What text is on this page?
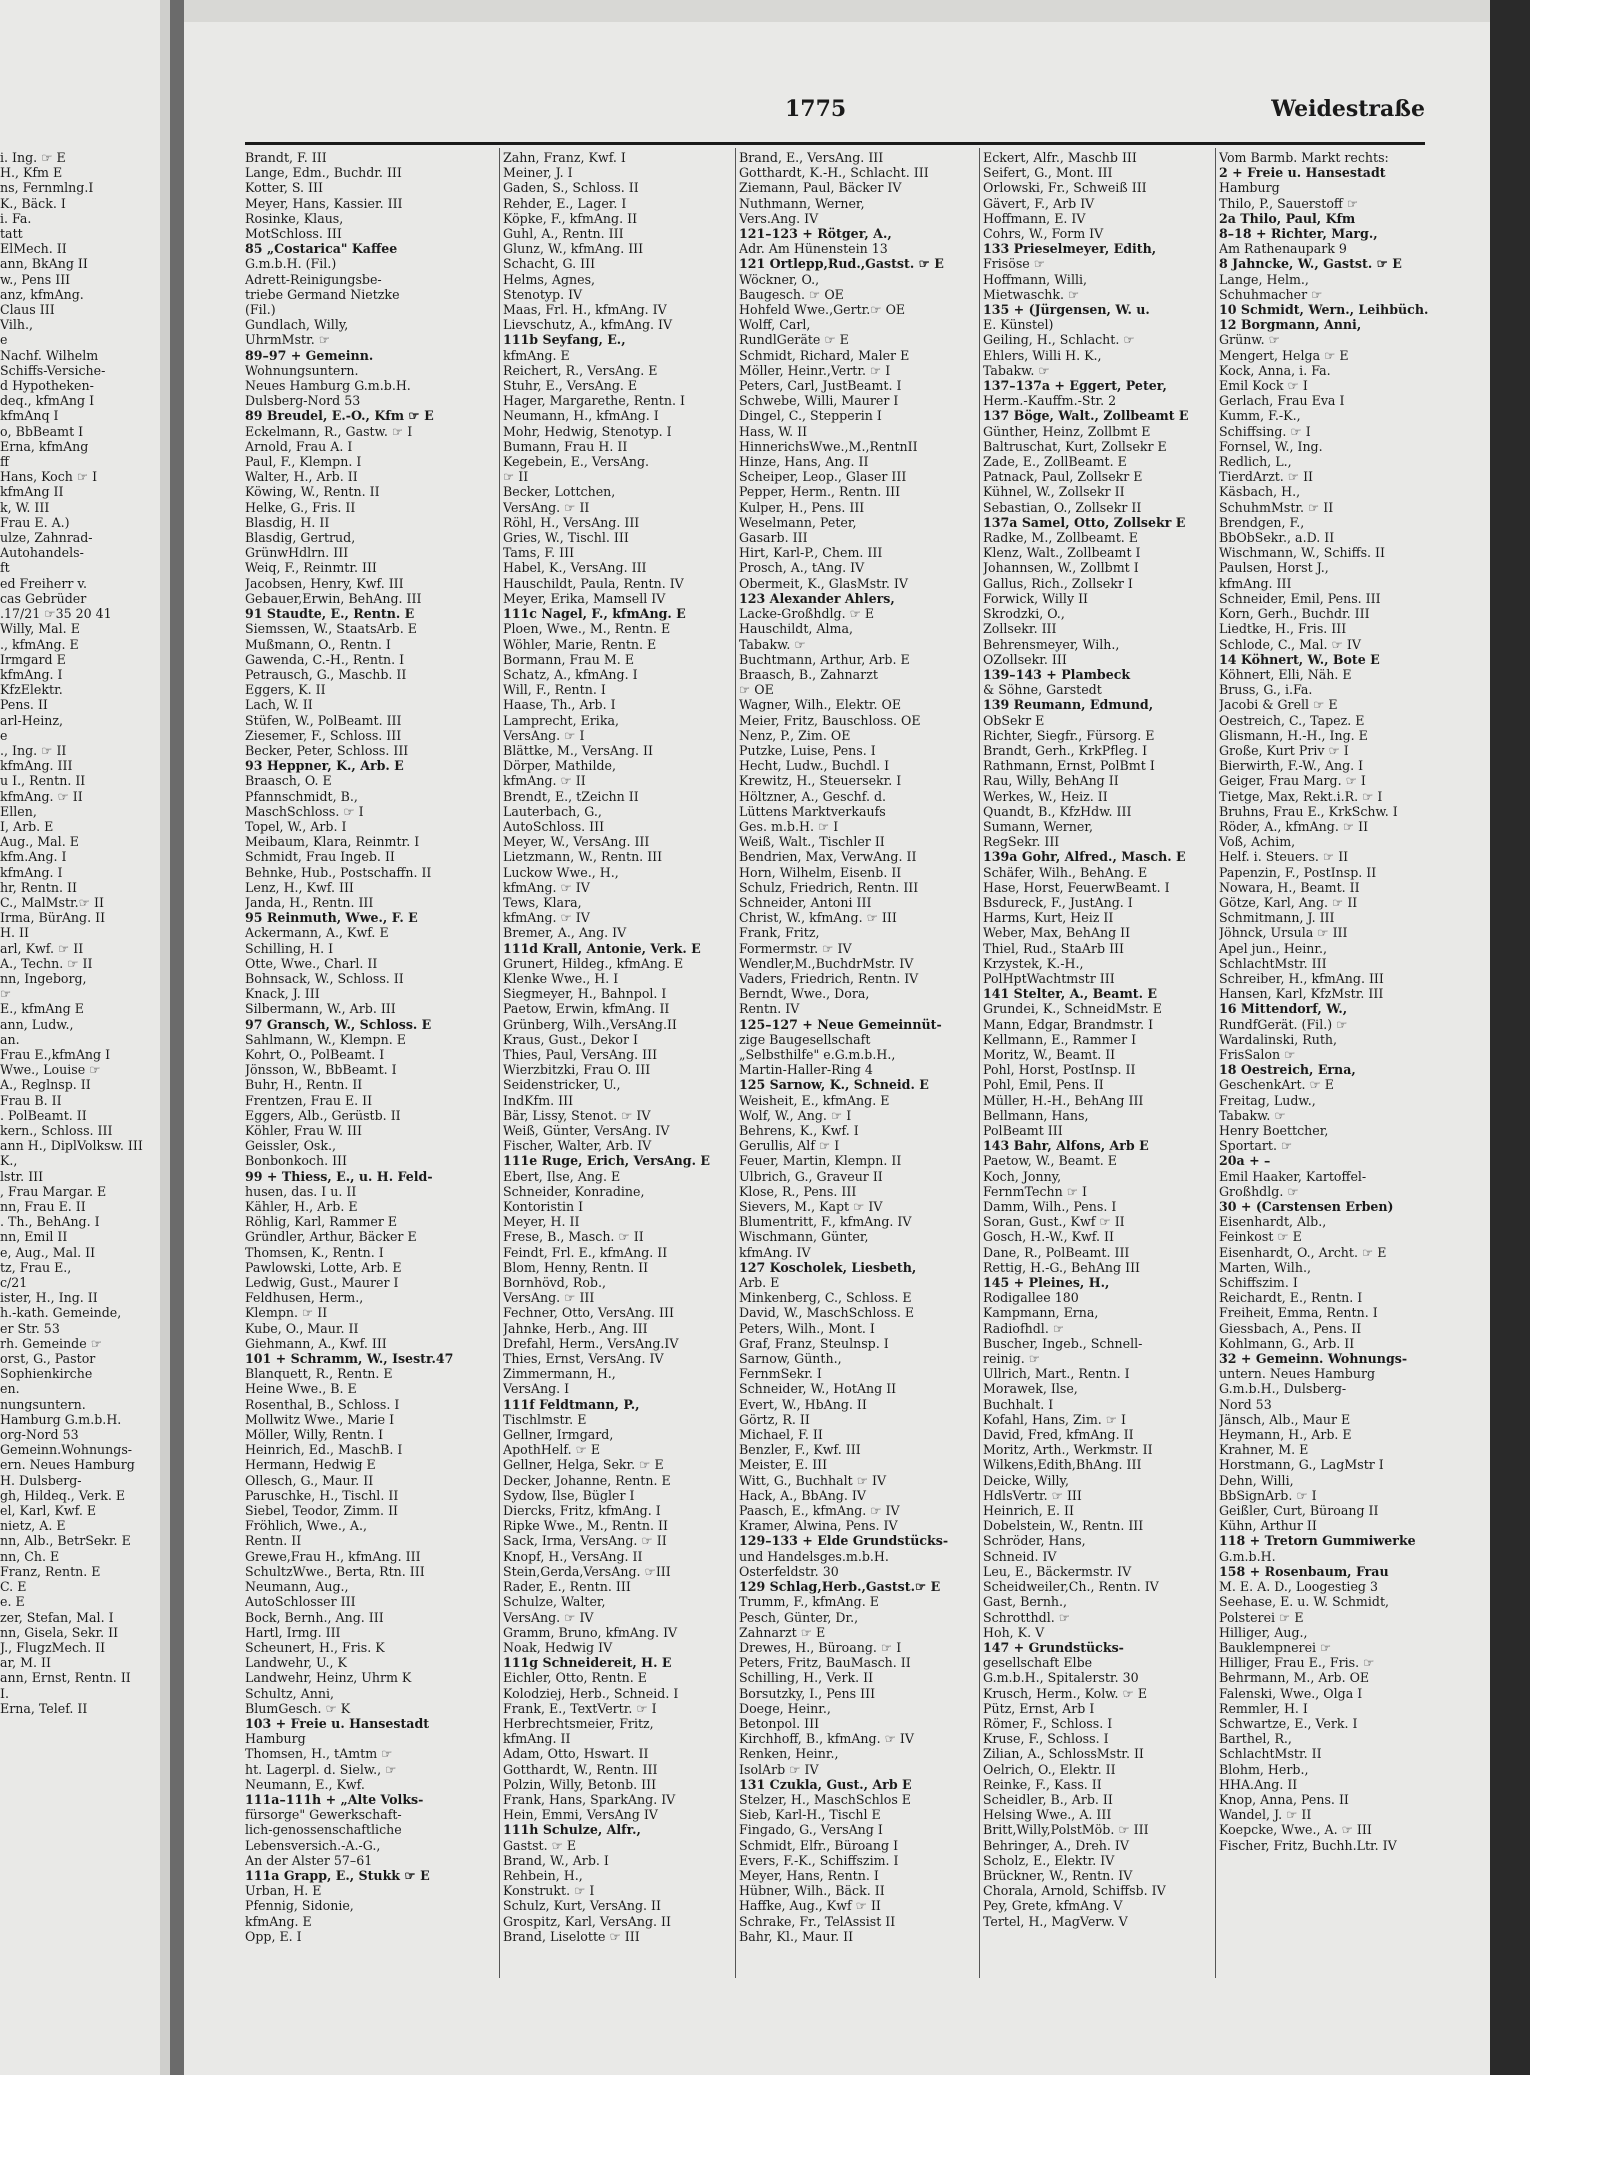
i. Ing. ☞ E
H., Kfm E
ns, Fernmlng.I
K., Bäck. I
i. Fa.
tatt
ElMech. II
ann, BkAng II
w., Pens III
anz, kfmAng.
Claus III
Vilh.,
e
Nachf. Wilhelm
Schiffs-Versiche-
d Hypotheken-
deq., kfmAng I
kfmAnq I
o, BbBeamt I
Erna, kfmAng
ff
Hans, Koch ☞ I
kfmAng II
k, W. III
Frau E. A.)
ulze, Zahnrad-
Autohandels-
ft
ed Freiherr v.
cas Gebrüder
.17/21 ☞35 20 41
Willy, Mal. E
., kfmAng. E
Irmgard E
kfmAng. I
KfzElektr.
Pens. II
arl-Heinz,
e
., Ing. ☞ II
kfmAng. III
u I., Rentn. II
kfmAng. ☞ II
Ellen,
I, Arb. E
Aug., Mal. E
kfm.Ang. I
kfmAng. I
hr, Rentn. II
C., MalMstr.☞ II
Irma, BürAng. II
H. II
arl, Kwf. ☞ II
A., Techn. ☞ II
nn, Ingeborg,
☞
E., kfmAng E
ann, Ludw.,
an.
Frau E.,kfmAng I
Wwe., Louise ☞
A., Reglnsp. II
Frau B. II
. PolBeamt. II
kern., Schloss. III
ann H., DiplVolksw. III
K.,
lstr. III
, Frau Margar. E
nn, Frau E. II
. Th., BehAng. I
nn, Emil II
e, Aug., Mal. II
tz, Frau E.,
c/21
ister, H., Ing. II
h.-kath. Gemeinde,
er Str. 53
rh. Gemeinde ☞
orst, G., Pastor
Sophienkirche
en.
nungsuntern.
Hamburg G.m.b.H.
org-Nord 53
Gemeinn.Wohnungs-
ern. Neues Hamburg
H. Dulsberg-
gh, Hildeq., Verk. E
el, Karl, Kwf. E
nietz, A. E
nn, Alb., BetrSekr. E
nn, Ch. E
Franz, Rentn. E
C. E
e. E
zer, Stefan, Mal. I
nn, Gisela, Sekr. II
J., FlugzMech. II
ar, M. II
ann, Ernst, Rentn. II
I.
Erna, Telef. II
1775	Weidestraße
Brandt, F. III
Lange, Edm., Buchdr. III
Kotter, S. III
Meyer, Hans, Kassier. III
Rosinke, Klaus,
MotSchloss. III
85 „Costarica" Kaffee
G.m.b.H. (Fil.)
Adrett-Reinigungsbe-
triebe Germand Nietzke
(Fil.)
Gundlach, Willy,
UhrmMstr. ☞
89–97 + Gemeinn.
Wohnungsuntern.
Neues Hamburg G.m.b.H.
Dulsberg-Nord 53
89 Breudel, E.-O., Kfm ☞ E
Eckelmann, R., Gastw. ☞ I
Arnold, Frau A. I
Paul, F., Klempn. I
Walter, H., Arb. II
Köwing, W., Rentn. II
Helke, G., Fris. II
Blasdig, H. II
Blasdig, Gertrud,
GrünwHdlrn. III
Weiq, F., Reinmtr. III
Jacobsen, Henry, Kwf. III
Gebauer,Erwin, BehAng. III
91 Staudte, E., Rentn. E
Siemssen, W., StaatsArb. E
Mußmann, O., Rentn. I
Gawenda, C.-H., Rentn. I
Petrausch, G., Maschb. II
Eggers, K. II
Lach, W. II
Stüfen, W., PolBeamt. III
Ziesemer, F., Schloss. III
Becker, Peter, Schloss. III
93 Heppner, K., Arb. E
Braasch, O. E
Pfannschmidt, B.,
MaschSchloss. ☞ I
Topel, W., Arb. I
Meibaum, Klara, Reinmtr. I
Schmidt, Frau Ingeb. II
Behnke, Hub., Postschaffn. II
Lenz, H., Kwf. III
Janda, H., Rentn. III
95 Reinmuth, Wwe., F. E
Ackermann, A., Kwf. E
Schilling, H. I
Otte, Wwe., Charl. II
Bohnsack, W., Schloss. II
Knack, J. III
Silbermann, W., Arb. III
97 Gransch, W., Schloss. E
Sahlmann, W., Klempn. E
Kohrt, O., PolBeamt. I
Jönsson, W., BbBeamt. I
Buhr, H., Rentn. II
Frentzen, Frau E. II
Eggers, Alb., Gerüstb. II
Köhler, Frau W. III
Geissler, Osk.,
Bonbonkoch. III
99 + Thiess, E., u. H. Feld-
husen, das. I u. II
Kähler, H., Arb. E
Röhlig, Karl, Rammer E
Gründler, Arthur, Bäcker E
Thomsen, K., Rentn. I
Pawlowski, Lotte, Arb. E
Ledwig, Gust., Maurer I
Feldhusen, Herm.,
Klempn. ☞ II
Kube, O., Maur. II
Giehmann, A., Kwf. III
101 + Schramm, W., Isestr.47
Blanquett, R., Rentn. E
Heine Wwe., B. E
Rosenthal, B., Schloss. I
Mollwitz Wwe., Marie I
Möller, Willy, Rentn. I
Heinrich, Ed., MaschB. I
Hermann, Hedwig E
Ollesch, G., Maur. II
Paruschke, H., Tischl. II
Siebel, Teodor, Zimm. II
Fröhlich, Wwe., A.,
Rentn. II
Grewe,Frau H., kfmAng. III
SchultzWwe., Berta, Rtn. III
Neumann, Aug.,
AutoSchlosser III
Bock, Bernh., Ang. III
Hartl, Irmg. III
Scheunert, H., Fris. K
Landwehr, U., K
Landwehr, Heinz, Uhrm K
Schultz, Anni,
BlumGesch. ☞ K
103 + Freie u. Hansestadt
Hamburg
Thomsen, H., tAmtm ☞
ht. Lagerpl. d. Sielw., ☞
Neumann, E., Kwf.
111a–111h + „Alte Volks-
fürsorge" Gewerkschaft-
lich-genossenschaftliche
Lebensversich.-A.-G.,
An der Alster 57–61
111a Grapp, E., Stukk ☞ E
Urban, H. E
Pfennig, Sidonie,
kfmAng. E
Opp, E. I
Zahn, Franz, Kwf. I
Meiner, J. I
Gaden, S., Schloss. II
Rehder, E., Lager. I
Köpke, F., kfmAng. II
Guhl, A., Rentn. III
Glunz, W., kfmAng. III
Schacht, G. III
Helms, Agnes,
Stenotyp. IV
Maas, Frl. H., kfmAng. IV
Lievschutz, A., kfmAng. IV
111b Seyfang, E.,
kfmAng. E
Reichert, R., VersAng. E
Stuhr, E., VersAng. E
Hager, Margarethe, Rentn. I
Neumann, H., kfmAng. I
Mohr, Hedwig, Stenotyp. I
Bumann, Frau H. II
Kegebein, E., VersAng.
☞ II
Becker, Lottchen,
VersAng. ☞ II
Röhl, H., VersAng. III
Gries, W., Tischl. III
Tams, F. III
Habel, K., VersAng. III
Hauschildt, Paula, Rentn. IV
Meyer, Erika, Mamsell IV
111c Nagel, F., kfmAng. E
Ploen, Wwe., M., Rentn. E
Wöhler, Marie, Rentn. E
Bormann, Frau M. E
Schatz, A., kfmAng. I
Will, F., Rentn. I
Haase, Th., Arb. I
Lamprecht, Erika,
VersAng. ☞ I
Blättke, M., VersAng. II
Dörper, Mathilde,
kfmAng. ☞ II
Brendt, E., tZeichn II
Lauterbach, G.,
AutoSchloss. III
Meyer, W., VersAng. III
Lietzmann, W., Rentn. III
Luckow Wwe., H.,
kfmAng. ☞ IV
Tews, Klara,
kfmAng. ☞ IV
Bremer, A., Ang. IV
111d Krall, Antonie, Verk. E
Grunert, Hildeg., kfmAng. E
Klenke Wwe., H. I
Siegmeyer, H., Bahnpol. I
Paetow, Erwin, kfmAng. II
Grünberg, Wilh.,VersAng.II
Kraus, Gust., Dekor I
Thies, Paul, VersAng. III
Wierzbitzki, Frau O. III
Seidenstricker, U.,
IndKfm. III
Bär, Lissy, Stenot. ☞ IV
Weiß, Günter, VersAng. IV
Fischer, Walter, Arb. IV
111e Ruge, Erich, VersAng. E
Ebert, Ilse, Ang. E
Schneider, Konradine,
Kontoristin I
Meyer, H. II
Frese, B., Masch. ☞ II
Feindt, Frl. E., kfmAng. II
Blom, Henny, Rentn. II
Bornhövd, Rob.,
VersAng. ☞ III
Fechner, Otto, VersAng. III
Jahnke, Herb., Ang. III
Drefahl, Herm., VersAng.IV
Thies, Ernst, VersAng. IV
Zimmermann, H.,
VersAng. I
111f Feldtmann, P.,
Tischlmstr. E
Gellner, Irmgard,
ApothHelf. ☞ E
Gellner, Helga, Sekr. ☞ E
Decker, Johanne, Rentn. E
Sydow, Ilse, Bügler I
Diercks, Fritz, kfmAng. I
Ripke Wwe., M., Rentn. II
Sack, Irma, VersAng. ☞ II
Knopf, H., VersAng. II
Stein,Gerda,VersAng. ☞III
Rader, E., Rentn. III
Schulze, Walter,
VersAng. ☞ IV
Gramm, Bruno, kfmAng. IV
Noak, Hedwig IV
111g Schneidereit, H. E
Eichler, Otto, Rentn. E
Kolodziej, Herb., Schneid. I
Frank, E., TextVertr. ☞ I
Herbrechtsmeier, Fritz,
kfmAng. II
Adam, Otto, Hswart. II
Gotthardt, W., Rentn. III
Polzin, Willy, Betonb. III
Frank, Hans, SparkAng. IV
Hein, Emmi, VersAng IV
111h Schulze, Alfr.,
Gastst. ☞ E
Brand, W., Arb. I
Rehbein, H.,
Konstrukt. ☞ I
Schulz, Kurt, VersAng. II
Grospitz, Karl, VersAng. II
Brand, Liselotte ☞ III
Brand, E., VersAng. III
Gotthardt, K.-H., Schlacht. III
Ziemann, Paul, Bäcker IV
Nuthmann, Werner,
Vers.Ang. IV
121–123 + Rötger, A.,
Adr. Am Hünenstein 13
121 Ortlepp,Rud.,Gastst. ☞ E
Wöckner, O.,
Baugesch. ☞ OE
Hohfeld Wwe.,Gertr.☞ OE
Wolff, Carl,
RundlGeräte ☞ E
Schmidt, Richard, Maler E
Möller, Heinr.,Vertr. ☞ I
Peters, Carl, JustBeamt. I
Schwebe, Willi, Maurer I
Dingel, C., Stepperin I
Hass, W. II
HinnerichsWwe.,M.,RentnII
Hinze, Hans, Ang. II
Scheiper, Leop., Glaser III
Pepper, Herm., Rentn. III
Kulper, H., Pens. III
Weselmann, Peter,
Gasarb. III
Hirt, Karl-P., Chem. III
Prosch, A., tAng. IV
Obermeit, K., GlasMstr. IV
123 Alexander Ahlers,
Lacke-Großhdlg. ☞ E
Hauschildt, Alma,
Tabakw. ☞
Buchtmann, Arthur, Arb. E
Braasch, B., Zahnarzt
☞ OE
Wagner, Wilh., Elektr. OE
Meier, Fritz, Bauschloss. OE
Nenz, P., Zim. OE
Putzke, Luise, Pens. I
Hecht, Ludw., Buchdl. I
Krewitz, H., Steuersekr. I
Höltzner, A., Geschf. d.
Lüttens Marktverkaufs
Ges. m.b.H. ☞ I
Weiß, Walt., Tischler II
Bendrien, Max, VerwAng. II
Horn, Wilhelm, Eisenb. II
Schulz, Friedrich, Rentn. III
Schneider, Antoni III
Christ, W., kfmAng. ☞ III
Frank, Fritz,
Formermstr. ☞ IV
Wendler,M.,BuchdrMstr. IV
Vaders, Friedrich, Rentn. IV
Berndt, Wwe., Dora,
Rentn. IV
125–127 + Neue Gemeinnüt-
zige Baugesellschaft
„Selbsthilfe" e.G.m.b.H.,
Martin-Haller-Ring 4
125 Sarnow, K., Schneid. E
Weisheit, E., kfmAng. E
Wolf, W., Ang. ☞ I
Behrens, K., Kwf. I
Gerullis, Alf ☞ I
Feuer, Martin, Klempn. II
Ulbrich, G., Graveur II
Klose, R., Pens. III
Sievers, M., Kapt ☞ IV
Blumentritt, F., kfmAng. IV
Wischmann, Günter,
kfmAng. IV
127 Koscholek, Liesbeth,
Arb. E
Minkenberg, C., Schloss. E
David, W., MaschSchloss. E
Peters, Wilh., Mont. I
Graf, Franz, Steulnsp. I
Sarnow, Günth.,
FernmSekr. I
Schneider, W., HotAng II
Evert, W., HbAng. II
Görtz, R. II
Michael, F. II
Benzler, F., Kwf. III
Meister, E. III
Witt, G., Buchhalt ☞ IV
Hack, A., BbAng. IV
Paasch, E., kfmAng. ☞ IV
Kramer, Alwina, Pens. IV
129–133 + Elde Grundstücks-
und Handelsges.m.b.H.
Osterfeldstr. 30
129 Schlag,Herb.,Gastst.☞ E
Trumm, F., kfmAng. E
Pesch, Günter, Dr.,
Zahnarzt ☞ E
Drewes, H., Büroang. ☞ I
Peters, Fritz, BauMasch. II
Schilling, H., Verk. II
Borsutzky, I., Pens III
Doege, Heinr.,
Betonpol. III
Kirchhoff, B., kfmAng. ☞ IV
Renken, Heinr.,
IsolArb ☞ IV
131 Czukla, Gust., Arb E
Stelzer, H., MaschSchlos E
Sieb, Karl-H., Tischl E
Fingado, G., VersAng I
Schmidt, Elfr., Büroang I
Evers, F.-K., Schiffszim. I
Meyer, Hans, Rentn. I
Hübner, Wilh., Bäck. II
Haffke, Aug., Kwf ☞ II
Schrake, Fr., TelAssist II
Bahr, Kl., Maur. II
Eckert, Alfr., Maschb III
Seifert, G., Mont. III
Orlowski, Fr., Schweiß III
Gävert, F., Arb IV
Hoffmann, E. IV
Cohrs, W., Form IV
133 Prieselmeyer, Edith,
Frisöse ☞
Hoffmann, Willi,
Mietwaschk. ☞
135 + (Jürgensen, W. u.
E. Künstel)
Geiling, H., Schlacht. ☞
Ehlers, Willi H. K.,
Tabakw. ☞
137–137a + Eggert, Peter,
Herm.-Kauffm.-Str. 2
137 Böge, Walt., Zollbeamt E
Günther, Heinz, Zollbmt E
Baltruschat, Kurt, Zollsekr E
Zade, E., ZollBeamt. E
Patnack, Paul, Zollsekr E
Kühnel, W., Zollsekr II
Sebastian, O., Zollsekr II
137a Samel, Otto, Zollsekr E
Radke, M., Zollbeamt. E
Klenz, Walt., Zollbeamt I
Johannsen, W., Zollbmt I
Gallus, Rich., Zollsekr I
Forwick, Willy II
Skrodzki, O.,
Zollsekr. III
Behrensmeyer, Wilh.,
OZollsekr. III
139–143 + Plambeck
& Söhne, Garstedt
139 Reumann, Edmund,
ObSekr E
Richter, Siegfr., Fürsorg. E
Brandt, Gerh., KrkPfleg. I
Rathmann, Ernst, PolBmt I
Rau, Willy, BehAng II
Werkes, W., Heiz. II
Quandt, B., KfzHdw. III
Sumann, Werner,
RegSekr. III
139a Gohr, Alfred., Masch. E
Schäfer, Wilh., BehAng. E
Hase, Horst, FeuerwBeamt. I
Bsdureck, F., JustAng. I
Harms, Kurt, Heiz II
Weber, Max, BehAng II
Thiel, Rud., StaArb III
Krzystek, K.-H.,
PolHptWachtmstr III
141 Stelter, A., Beamt. E
Grundei, K., SchneidMstr. E
Mann, Edgar, Brandmstr. I
Kellmann, E., Rammer I
Moritz, W., Beamt. II
Pohl, Horst, PostInsp. II
Pohl, Emil, Pens. II
Müller, H.-H., BehAng III
Bellmann, Hans,
PolBeamt III
143 Bahr, Alfons, Arb E
Paetow, W., Beamt. E
Koch, Jonny,
FernmTechn ☞ I
Damm, Wilh., Pens. I
Soran, Gust., Kwf ☞ II
Gosch, H.-W., Kwf. II
Dane, R., PolBeamt. III
Rettig, H.-G., BehAng III
145 + Pleines, H.,
Rodigallee 180
Kampmann, Erna,
Radiofhdl. ☞
Buscher, Ingeb., Schnell-
reinig. ☞
Ullrich, Mart., Rentn. I
Morawek, Ilse,
Buchhalt. I
Kofahl, Hans, Zim. ☞ I
David, Fred, kfmAng. II
Moritz, Arth., Werkmstr. II
Wilkens,Edith,BhAng. III
Deicke, Willy,
HdlsVertr. ☞ III
Heinrich, E. II
Dobelstein, W., Rentn. III
Schröder, Hans,
Schneid. IV
Leu, E., Bäckermstr. IV
Scheidweiler,Ch., Rentn. IV
Gast, Bernh.,
Schrotthdl. ☞
Hoh, K. V
147 + Grundstücks-
gesellschaft Elbe
G.m.b.H., Spitalerstr. 30
Krusch, Herm., Kolw. ☞ E
Pütz, Ernst, Arb I
Römer, F., Schloss. I
Kruse, F., Schloss. I
Zilian, A., SchlossMstr. II
Oelrich, O., Elektr. II
Reinke, F., Kass. II
Scheidler, B., Arb. II
Helsing Wwe., A. III
Britt,Willy,PolstMöb. ☞ III
Behringer, A., Dreh. IV
Scholz, E., Elektr. IV
Brückner, W., Rentn. IV
Chorala, Arnold, Schiffsb. IV
Pey, Grete, kfmAng. V
Tertel, H., MagVerw. V
Vom Barmb. Markt rechts:
2 + Freie u. Hansestadt
Hamburg
Thilo, P., Sauerstoff ☞
2a Thilo, Paul, Kfm
8–18 + Richter, Marg.,
Am Rathenaupark 9
8 Jahncke, W., Gastst. ☞ E
Lange, Helm.,
Schuhmacher ☞
10 Schmidt, Wern., Leihbüch.
12 Borgmann, Anni,
Grünw. ☞
Mengert, Helga ☞ E
Kock, Anna, i. Fa.
Emil Kock ☞ I
Gerlach, Frau Eva I
Kumm, F.-K.,
Schiffsing. ☞ I
Fornsel, W., Ing.
Redlich, L.,
TierdArzt. ☞ II
Käsbach, H.,
SchuhmMstr. ☞ II
Brendgen, F.,
BbObSekr., a.D. II
Wischmann, W., Schiffs. II
Paulsen, Horst J.,
kfmAng. III
Schneider, Emil, Pens. III
Korn, Gerh., Buchdr. III
Liedtke, H., Fris. III
Schlode, C., Mal. ☞ IV
14 Köhnert, W., Bote E
Köhnert, Elli, Näh. E
Bruss, G., i.Fa.
Jacobi & Grell ☞ E
Oestreich, C., Tapez. E
Glismann, H.-H., Ing. E
Große, Kurt Priv ☞ I
Bierwirth, F.-W., Ang. I
Geiger, Frau Marg. ☞ I
Tietge, Max, Rekt.i.R. ☞ I
Bruhns, Frau E., KrkSchw. I
Röder, A., kfmAng. ☞ II
Voß, Achim,
Helf. i. Steuers. ☞ II
Papenzin, F., PostInsp. II
Nowara, H., Beamt. II
Götze, Karl, Ang. ☞ II
Schmitmann, J. III
Jöhnck, Ursula ☞ III
Apel jun., Heinr.,
SchlachtMstr. III
Schreiber, H., kfmAng. III
Hansen, Karl, KfzMstr. III
16 Mittendorf, W.,
RundfGerät. (Fil.) ☞
Wardalinski, Ruth,
FrisSalon ☞
18 Oestreich, Erna,
GeschenkArt. ☞ E
Freitag, Ludw.,
Tabakw. ☞
Henry Boettcher,
Sportart. ☞
20a + –
Emil Haaker, Kartoffel-
Großhdlg. ☞
30 + (Carstensen Erben)
Eisenhardt, Alb.,
Feinkost ☞ E
Eisenhardt, O., Archt. ☞ E
Marten, Wilh.,
Schiffszim. I
Reichardt, E., Rentn. I
Freiheit, Emma, Rentn. I
Giessbach, A., Pens. II
Kohlmann, G., Arb. II
32 + Gemeinn. Wohnungs-
untern. Neues Hamburg
G.m.b.H., Dulsberg-
Nord 53
Jänsch, Alb., Maur E
Heymann, H., Arb. E
Krahner, M. E
Horstmann, G., LagMstr I
Dehn, Willi,
BbSignArb. ☞ I
Geißler, Curt, Büroang II
Kühn, Arthur II
118 + Tretorn Gummiwerke
G.m.b.H.
158 + Rosenbaum, Frau
M. E. A. D., Loogestieg 3
Seehase, E. u. W. Schmidt,
Polsterei ☞ E
Hilliger, Aug.,
Bauklempnerei ☞
Hilliger, Frau E., Fris. ☞
Behrmann, M., Arb. OE
Falenski, Wwe., Olga I
Remmler, H. I
Schwartze, E., Verk. I
Barthel, R.,
SchlachtMstr. II
Blohm, Herb.,
HHA.Ang. II
Knop, Anna, Pens. II
Wandel, J. ☞ II
Koepcke, Wwe., A. ☞ III
Fischer, Fritz, Buchh.Ltr. IV
